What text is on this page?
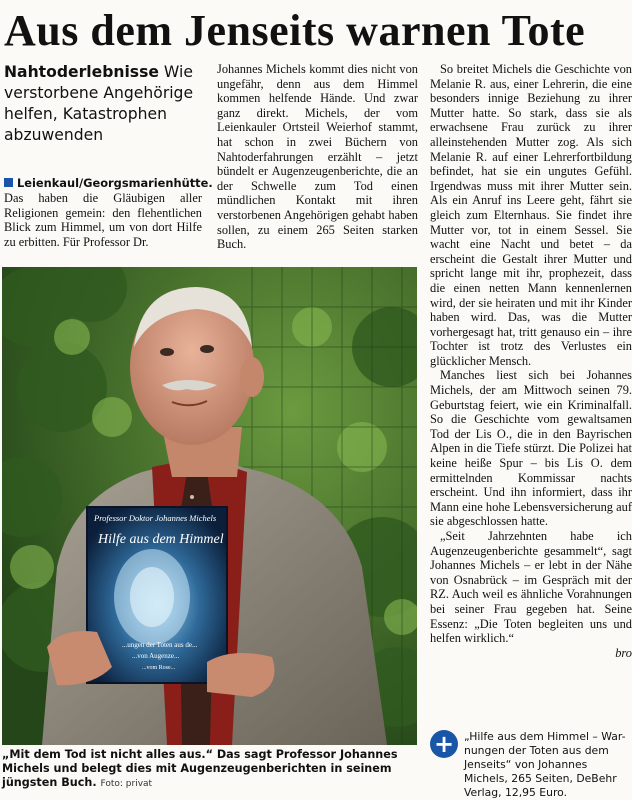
Aus dem Jenseits warnen Tote
Nahtoderlebnisse Wie verstorbene Angehörige helfen, Katastrophen abzuwenden
Leienkaul/Georgsmarienhütte.

Das haben die Gläubigen aller Religionen gemein: den flehentlichen Blick zum Himmel, um von dort Hilfe zu erbitten. Für Professor Dr.

Johannes Michels kommt dies nicht von ungefähr, denn aus dem Himmel kommen helfende Hände. Und zwar ganz direkt. Michels, der vom Leienkauler Ortsteil Weierhof stammt, hat schon in zwei Büchern von Nahtoderfahrungen erzählt – jetzt bündelt er Augenzeugenberichte, die an der Schwelle zum Tod einen mündlichen Kontakt mit ihren verstorbenen Angehörigen gehabt haben sollen, zu einem 265 Seiten starken Buch.

So breitet Michels die Geschichte von Melanie R. aus, einer Lehrerin, die eine besonders innige Beziehung zu ihrer Mutter hatte. So stark, dass sie als erwachsene Frau zurück zu ihrer alleinstehenden Mutter zog. Als sich Melanie R. auf einer Lehrerfortbildung befindet, hat sie ein ungutes Gefühl. Irgendwas muss mit ihrer Mutter sein. Als ein Anruf ins Leere geht, fährt sie gleich zum Elternhaus. Sie findet ihre Mutter vor, tot in einem Sessel. Sie wacht eine Nacht und betet – da erscheint die Gestalt ihrer Mutter und spricht lange mit ihr, prophezeit, dass die einen netten Mann kennenlernen wird, der sie heiraten und mit ihr Kinder haben wird. Das, was die Mutter vorhergesagt hat, tritt genauso ein – ihre Tochter ist trotz des Verlustes ein glücklicher Mensch.

Manches liest sich bei Johannes Michels, der am Mittwoch seinen 79. Geburtstag feiert, wie ein Kriminalfall. So die Geschichte vom gewaltsamen Tod der Lis O., die in den Bayrischen Alpen in die Tiefe stürzt. Die Polizei hat keine heiße Spur – bis Lis O. dem ermittelnden Kommissar nachts erscheint. Und ihn informiert, dass ihr Mann eine hohe Lebensversicherung auf sie abgeschlossen hatte.

„Seit Jahrzehnten habe ich Augenzeugenberichte gesammelt“, sagt Johannes Michels – er lebt in der Nähe von Osnabrück – im Gespräch mit der RZ. Auch weil es ähnliche Vorahnungen bei seiner Frau gegeben hat. Seine Essenz: „Die Toten begleiten uns und helfen wirklich.“

bro
Professor Doktor Johannes Michels
Hilfe aus dem Himmel
...ungen der Toten aus de...
...von Augenze...
...vom Rose...
„Mit dem Tod ist nicht alles aus.“ Das sagt Professor Johannes Michels und belegt dies mit Augenzeugenberichten in seinem jüngsten Buch. Foto: privat
+ „Hilfe aus dem Himmel – War-
nungen der Toten aus dem Jenseits“ von Johannes Michels, 265 Seiten, DeBehr Verlag, 12,95 Euro.
